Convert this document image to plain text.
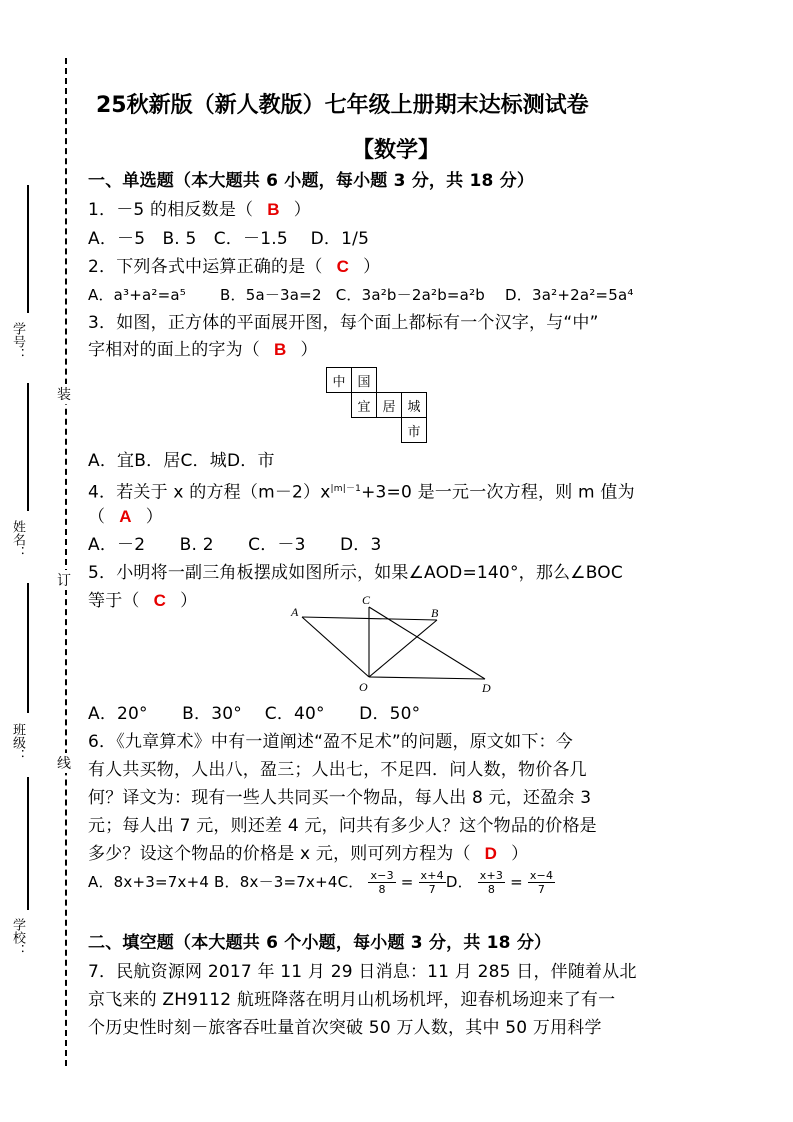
装
订
线
学号：
姓名：
班级：
学校：
25秋新版（新人教版）七年级上册期末达标测试卷
【数学】
一、单选题（本大题共 6 小题，每小题 3 分，共 18 分）
1．－5 的相反数是（ B ）
A．－5　B. 5　C．－1.5　 D．1/5
2．下列各式中运算正确的是（ C ）
A．a³+a²=a⁵ B．5a－3a=2 C．3a²b－2a²b=a²b D．3a²+2a²=5a⁴
3．如图，正方体的平面展开图，每个面上都标有一个汉字，与“中”
字相对的面上的字为（ B ）
中	国		
	宜	居	城
			市
A．宜B．居C．城D．市
4．若关于 x 的方程$(m-2)x^{|m|-1}+3=0$ 是一元一次方程，则 m 值为
（ A ）
A．－2　　B. 2　　C．－3　　D．3
5．小明将一副三角板摆成如图所示，如果∠AOD=140°，那么∠BOC
等于（ C ）
A
C
B
O	D
A．20°　　B．30°　 C．40°　　D．50°
6．《九章算术》中有一道阐述“盈不足术”的问题，原文如下：今
有人共买物，人出八，盈三；人出七，不足四．问人数，物价各几
何？译文为：现有一些人共同买一个物品，每人出 8 元，还盈余 3
元；每人出 7 元，则还差 4 元，问共有多少人？这个物品的价格是
多少？设这个物品的价格是 x 元，则可列方程为（ D ）
A．8x+3=7x+4 B．8x－3=7x+4C． $\frac{x-3}{8} = \frac{x+4}{7}$ D． $\frac{x+3}{8} = \frac{x-4}{7}$
二、填空题（本大题共 6 个小题，每小题 3 分，共 18 分）
7．民航资源网 2017 年 11 月 29 日消息：11 月 285 日，伴随着从北
京飞来的 ZH9112 航班降落在明月山机场机坪，迎春机场迎来了有一
个历史性时刻－旅客吞吐量首次突破 50 万人数，其中 50 万用科学
